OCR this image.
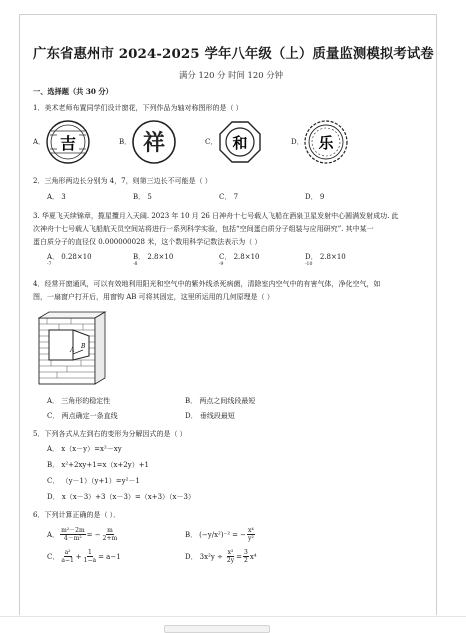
广东省惠州市 2024-2025 学年八年级（上）质量监测模拟考试卷
满分 120 分 时间 120 分钟
一、选择题（共 30 分）
1．美术老师布置同学们设计窗花，下列作品为轴对称图形的是（ ）
A． 吉	B． 祥	C． 和	D． 乐
2．三角形两边长分别为 4，7，则第三边长不可能是（ ）
A． 3	B． 5	C． 7	D． 9
3. 华夏飞天续锦章，揽星攬月入天阔. 2023 年 10 月 26 日神舟十七号载人飞船在酒泉卫星发射中心圆满发射成功. 此
次神舟十七号载人飞船航天员空间站将进行一系列科学实验，包括“空间蛋白质分子组装与应用研究”. 其中某一
蛋白质分子的直径仅 0.000000028 米，这个数用科学记数法表示为（ ）
A． 0.28×10-7
B． 2.8×10-8
C． 2.8×10-9
D． 2.8×10-10
4．经常开窗通风，可以有效地利用阳光和空气中的紫外线杀死病菌，清除室内空气中的有害气体，净化空气，如
图，一扇窗户打开后，用窗钩 AB 可将其固定，这里所运用的几何原理是（ ）
A
B
A． 三角形的稳定性	B． 两点之间线段最短
C． 两点确定一条直线	D． 垂线段最短
5．下列各式从左到右的变形为分解因式的是（ ）
A． x（x－y）=x²－xy
B． x²+2xy+1=x（x+2y）+1
C． （y－1）（y+1）=y²－1
D． x（x－3）+3（x－3）=（x+3）（x－3）
6．下列计算正确的是（ ）．
A． $\frac{\text{m²－2m}}{\text{4－m²}}$ = − $\frac{m}{2+m}$	B． (−y/x²)⁻² = − $\frac{\text{x⁴}}{\text{y²}}$
C． $\frac{\text{a²}}{a-1} + \frac{1}{1-a} = a-1$	D． $3x^2y \div \frac{\text{x²}}{2y} = \frac{3}{2} x^4$
